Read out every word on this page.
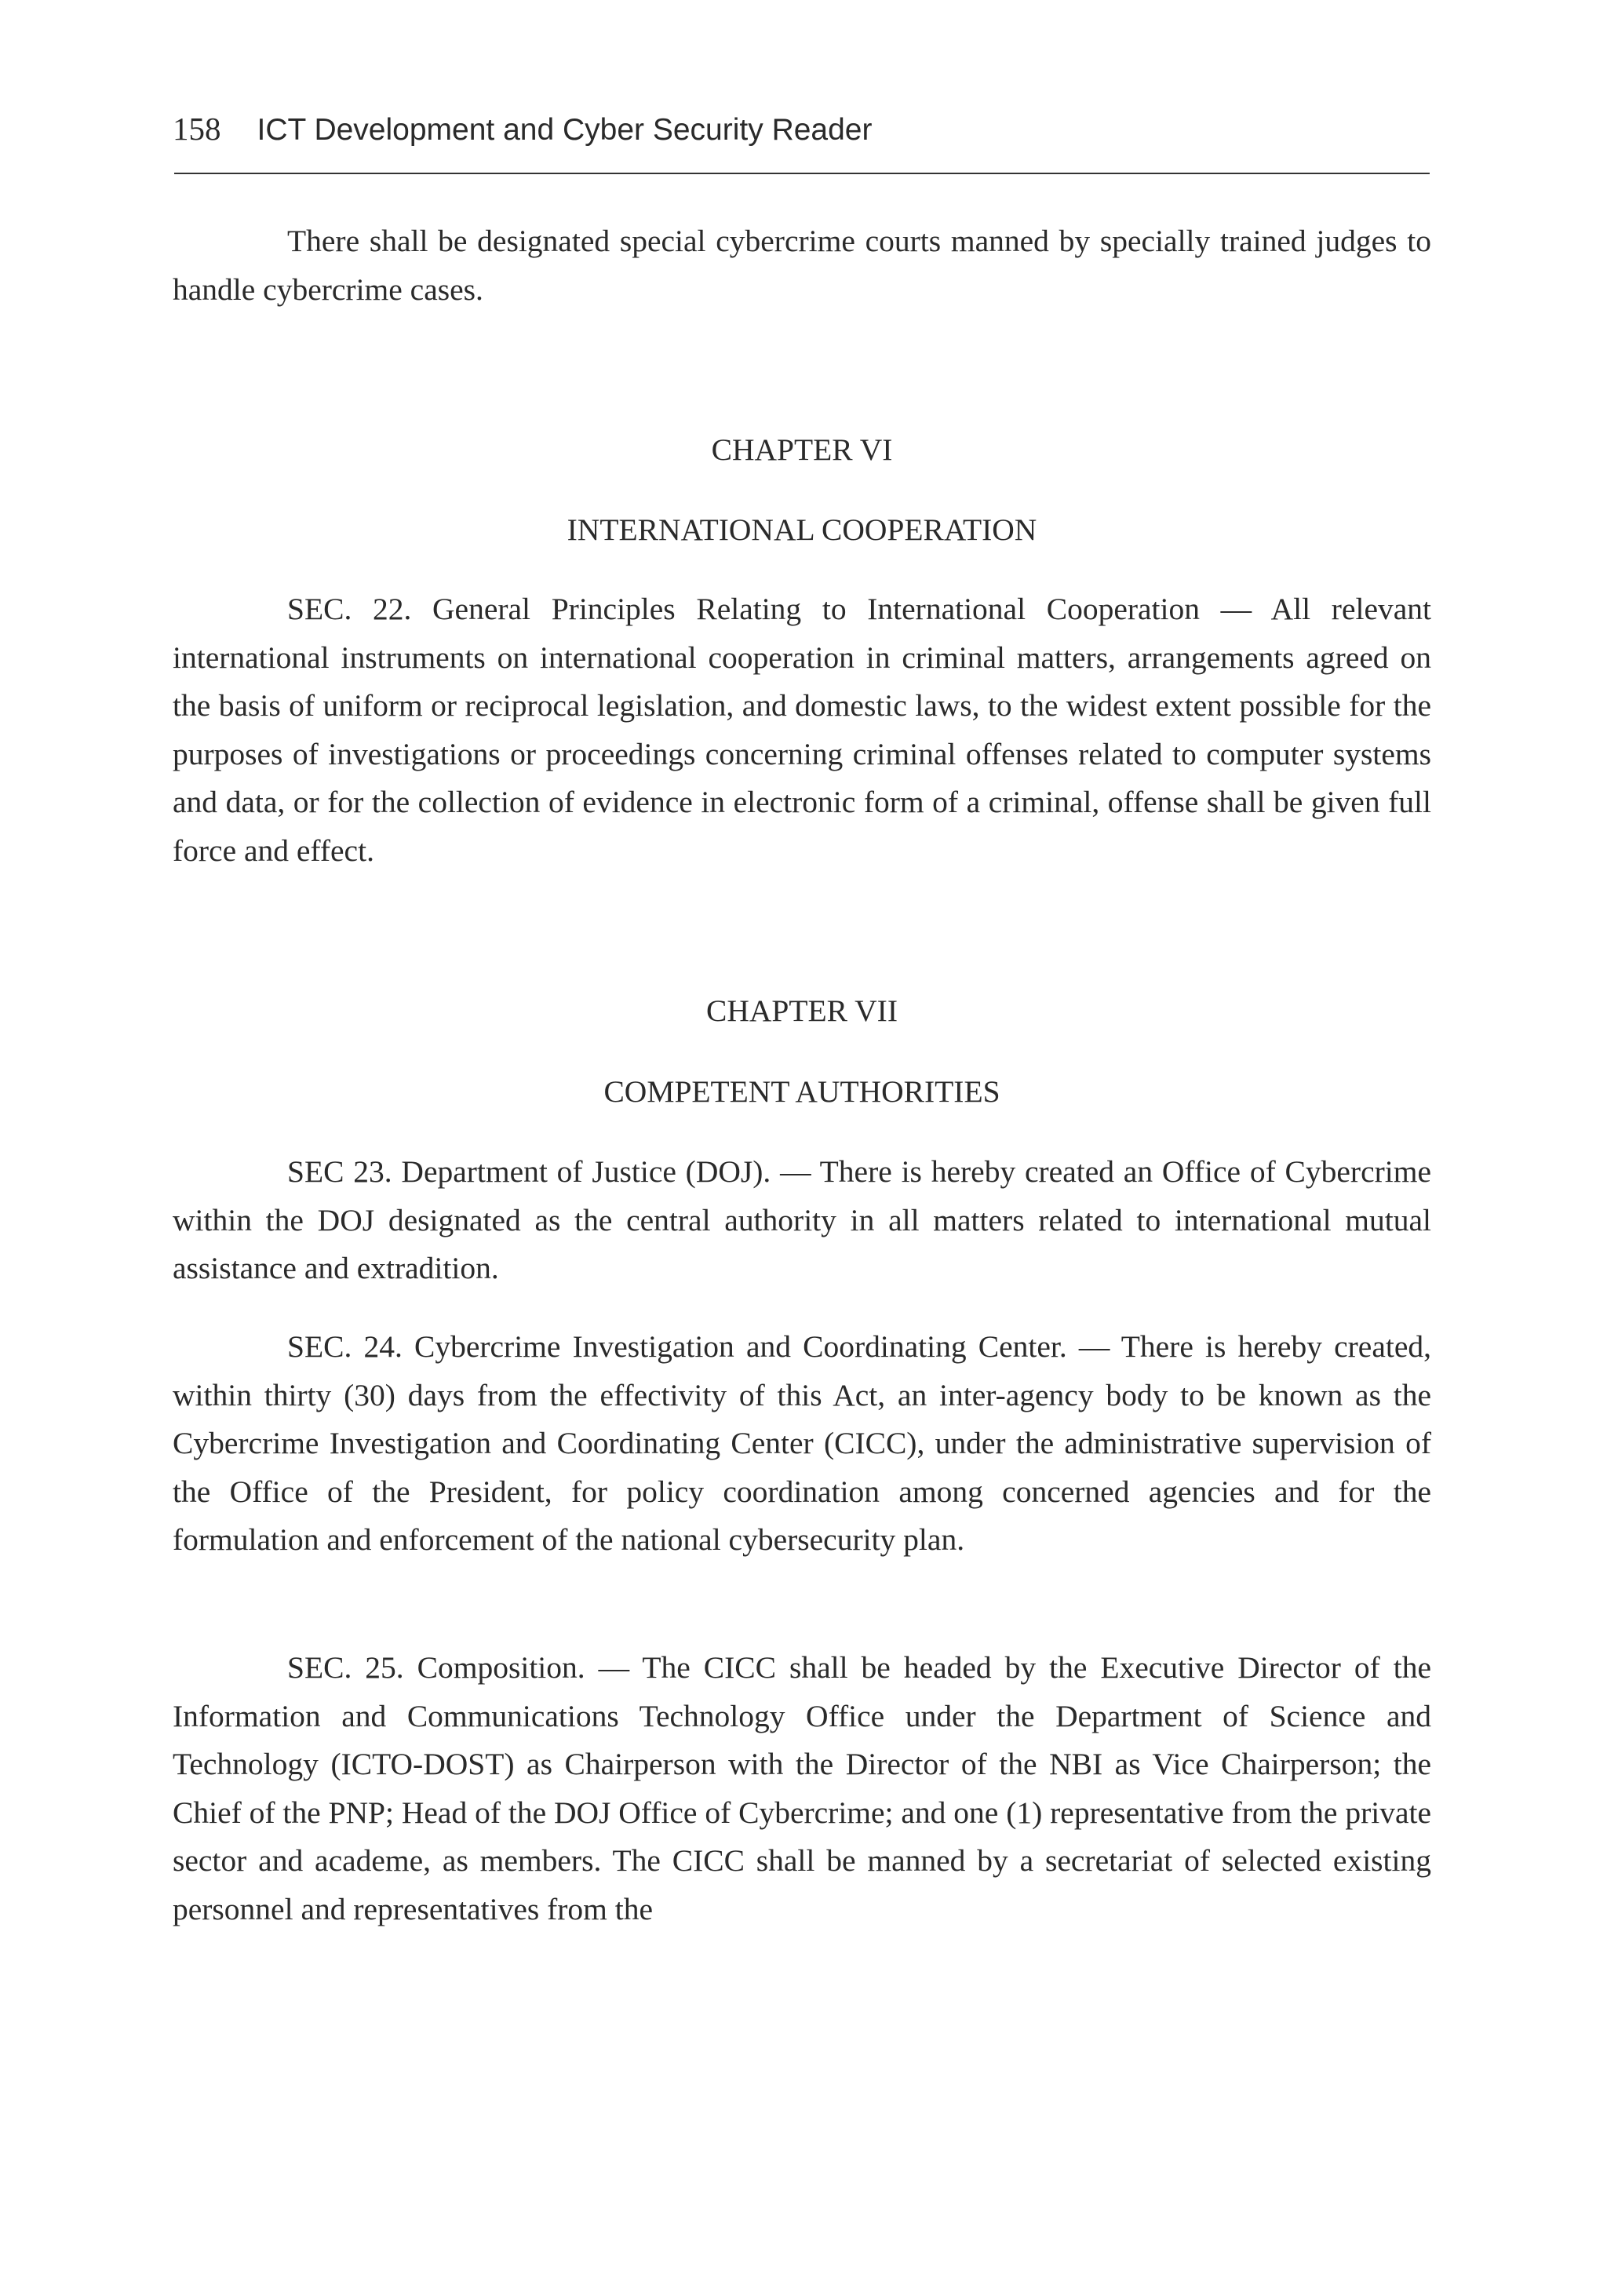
158 ICT Development and Cyber Security Reader

There shall be designated special cybercrime courts manned by specially trained judges to handle cybercrime cases.

CHAPTER VI

INTERNATIONAL COOPERATION

SEC. 22. General Principles Relating to International Cooperation — All relevant international instruments on international cooperation in criminal matters, arrangements agreed on the basis of uniform or reciprocal legislation, and domestic laws, to the widest extent possible for the purposes of investigations or proceedings concerning criminal offenses related to computer systems and data, or for the collection of evidence in electronic form of a criminal, offense shall be given full force and effect.

CHAPTER VII

COMPETENT AUTHORITIES

SEC 23. Department of Justice (DOJ). — There is hereby created an Office of Cybercrime within the DOJ designated as the central authority in all matters related to international mutual assistance and extradition.

SEC. 24. Cybercrime Investigation and Coordinating Center. — There is hereby created, within thirty (30) days from the effectivity of this Act, an inter-agency body to be known as the Cybercrime Investigation and Coordinating Center (CICC), under the administrative supervision of the Office of the President, for policy coordination among concerned agencies and for the formulation and enforcement of the national cybersecurity plan.

SEC. 25. Composition. — The CICC shall be headed by the Executive Director of the Information and Communications Technology Office under the Department of Science and Technology (ICTO-DOST) as Chairperson with the Director of the NBI as Vice Chairperson; the Chief of the PNP; Head of the DOJ Office of Cybercrime; and one (1) representative from the private sector and academe, as members. The CICC shall be manned by a secretariat of selected existing personnel and representatives from the
